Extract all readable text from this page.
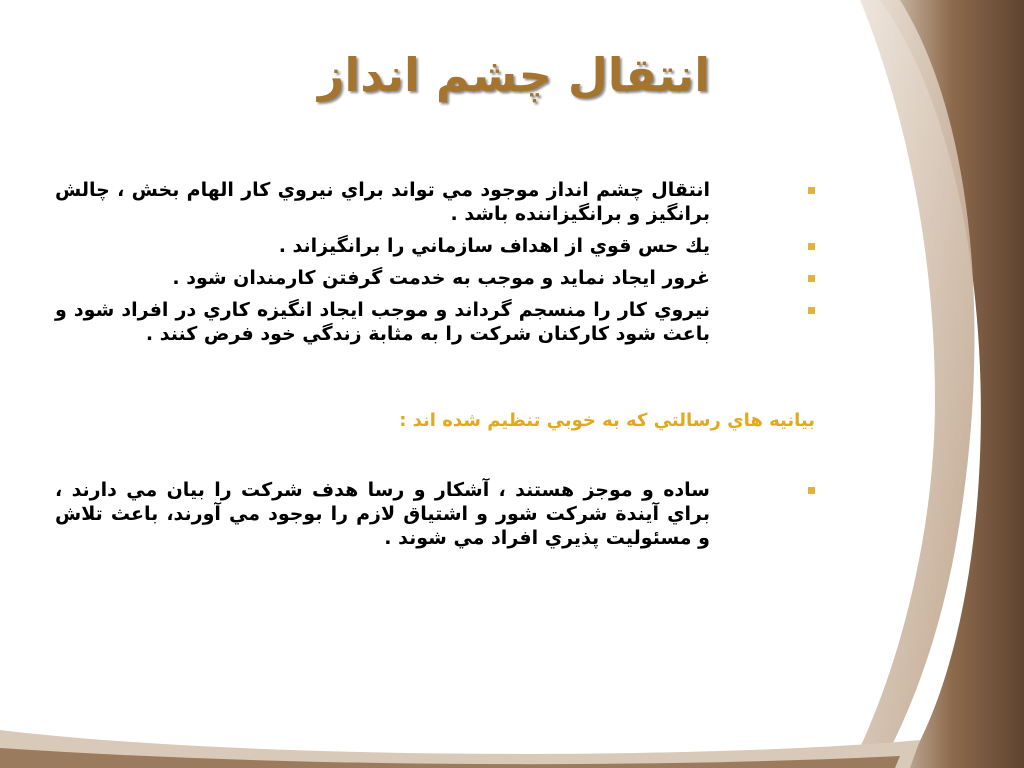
انتقال چشم انداز
انتقال چشم انداز موجود مي تواند براي نيروي كار الهام بخش ، چالش برانگيز و برانگيزاننده باشد .
يك حس قوي از اهداف سازماني را برانگيزاند .
غرور ايجاد نمايد و موجب به خدمت گرفتن كارمندان شود .
نيروي كار را منسجم گرداند و موجب ايجاد انگيزه كاري در افراد شود و باعث شود كاركنان شركت را به مثابة زندگي خود فرض كنند .
بيانيه هاي رسالتي كه به خوبي تنظيم شده اند :
ساده و موجز هستند ، آشكار و رسا هدف شركت را بيان مي دارند ، براي آيندة شركت شور و اشتياق لازم را بوجود مي آورند، باعث تلاش و مسئوليت پذيري افراد مي شوند .
